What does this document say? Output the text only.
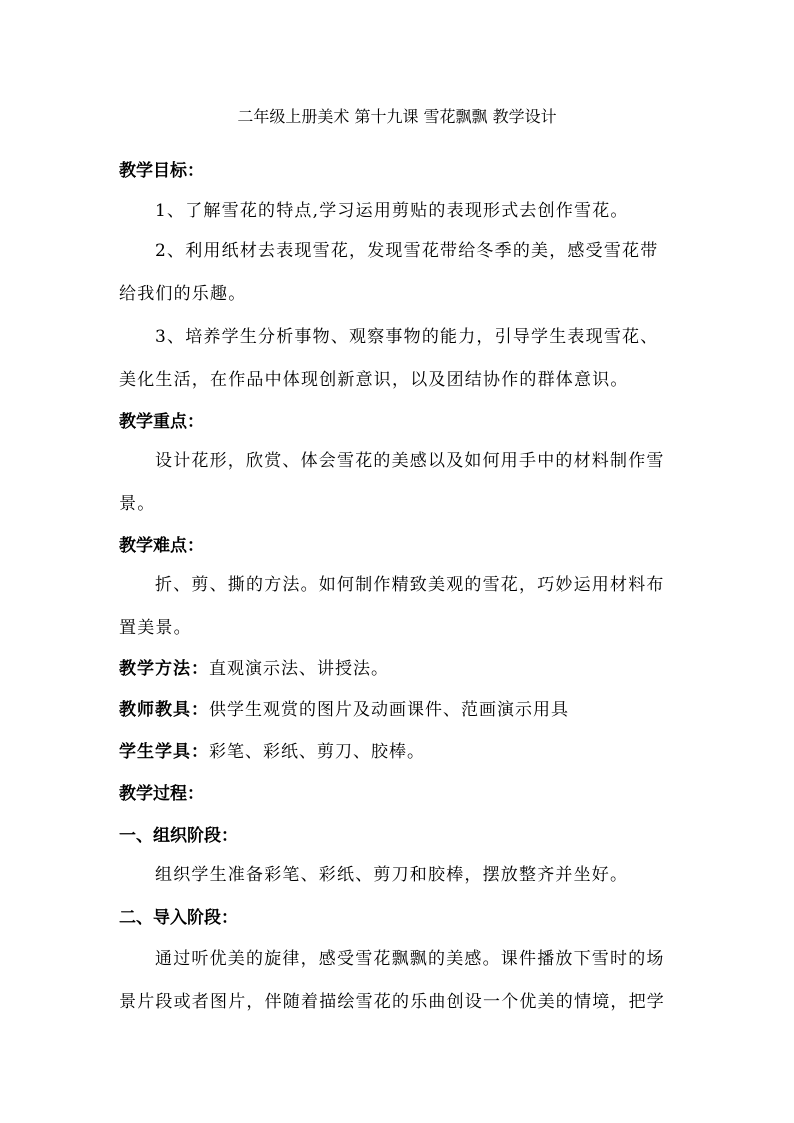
二年级上册美术 第十九课 雪花飘飘 教学设计
教学目标：
1、了解雪花的特点,学习运用剪贴的表现形式去创作雪花。
2、利用纸材去表现雪花，发现雪花带给冬季的美，感受雪花带
给我们的乐趣。
3、培养学生分析事物、观察事物的能力，引导学生表现雪花、
美化生活，在作品中体现创新意识，以及团结协作的群体意识。
教学重点：
设计花形，欣赏、体会雪花的美感以及如何用手中的材料制作雪
景。
教学难点：
折、剪、撕的方法。如何制作精致美观的雪花，巧妙运用材料布
置美景。
教学方法：直观演示法、讲授法。
教师教具：供学生观赏的图片及动画课件、范画演示用具
学生学具：彩笔、彩纸、剪刀、胶棒。
教学过程：
一、组织阶段：
组织学生准备彩笔、彩纸、剪刀和胶棒，摆放整齐并坐好。
二、导入阶段：
通过听优美的旋律，感受雪花飘飘的美感。课件播放下雪时的场
景片段或者图片，伴随着描绘雪花的乐曲创设一个优美的情境，把学
